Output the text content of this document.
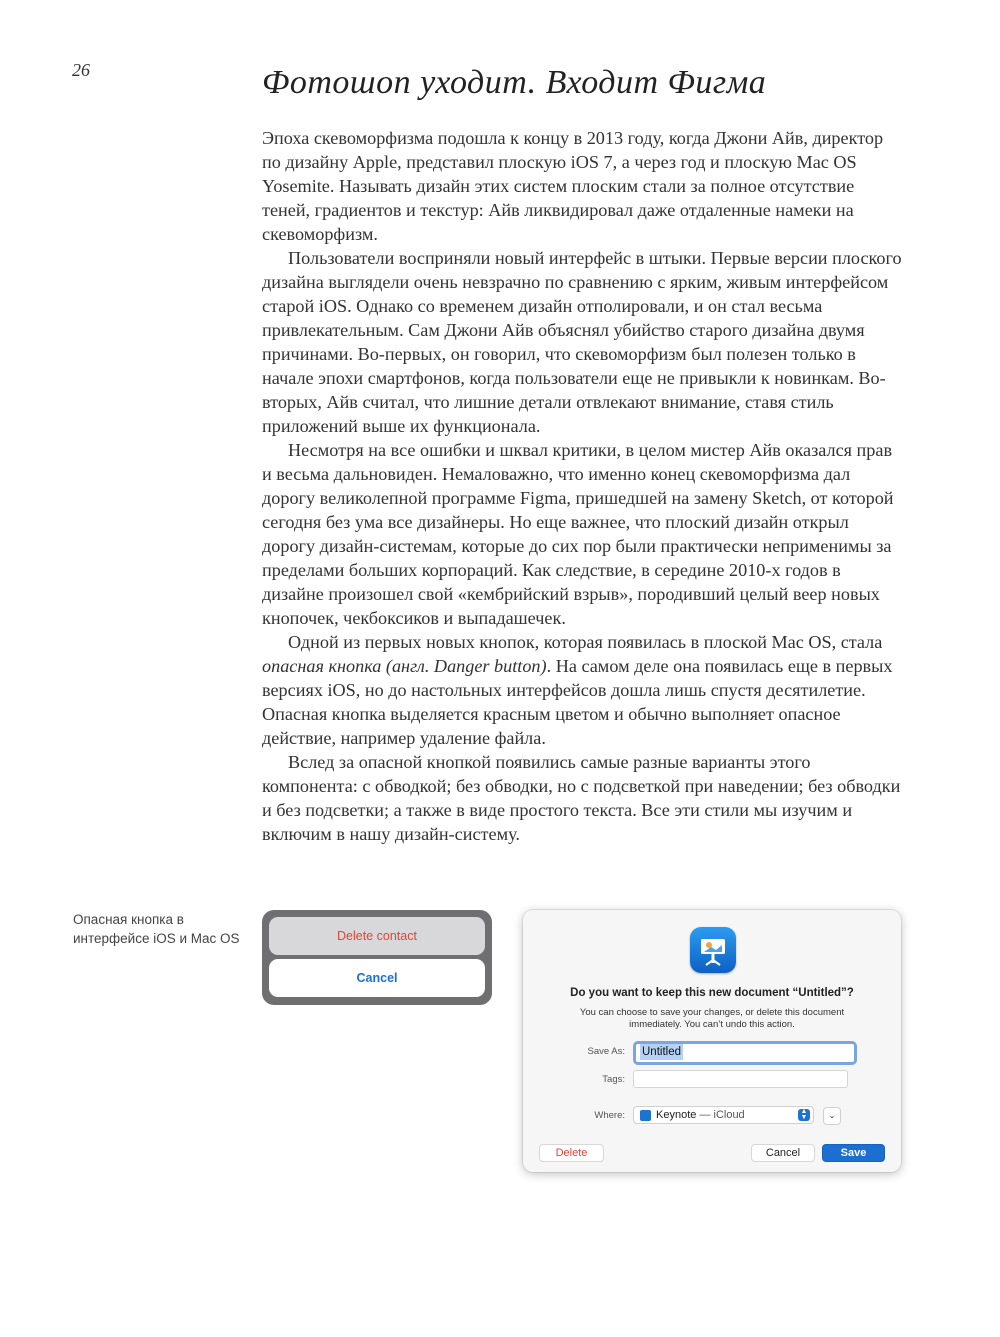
26	Фотошоп уходит. Входит Фигма

Эпоха скевоморфизма подошла к концу в 2013 году, когда Джони Айв, директор по дизайну Apple, представил плоскую iOS 7, а через год и плоскую Mac OS Yosemite. Называть дизайн этих систем плоским стали за полное отсутствие теней, градиентов и текстур: Айв ликвидировал даже отдаленные намеки на скевоморфизм.

Пользователи восприняли новый интерфейс в штыки. Первые версии плоского дизайна выглядели очень невзрачно по сравнению с ярким, живым интерфейсом старой iOS. Однако со временем дизайн отполировали, и он стал весьма привлекательным. Сам Джони Айв объяснял убийство старого дизайна двумя причинами. Во-первых, он говорил, что скевоморфизм был полезен только в начале эпохи смартфонов, когда пользователи еще не привыкли к новинкам. Во-вторых, Айв считал, что лишние детали отвлекают внимание, ставя стиль приложений выше их функционала.

Несмотря на все ошибки и шквал критики, в целом мистер Айв оказался прав и весьма дальновиден. Немаловажно, что именно конец скевоморфизма дал дорогу великолепной программе Figma, пришедшей на замену Sketch, от которой сегодня без ума все дизайнеры. Но еще важнее, что плоский дизайн открыл дорогу дизайн-системам, которые до сих пор были практически неприменимы за пределами больших корпораций. Как следствие, в середине 2010-х годов в дизайне произошел свой «кембрийский взрыв», породивший целый веер новых кнопочек, чекбоксиков и выпадашечек.

Одной из первых новых кнопок, которая появилась в плоской Mac OS, стала опасная кнопка (англ. Danger button). На самом деле она появилась еще в первых версиях iOS, но до настольных интерфейсов дошла лишь спустя десятилетие. Опасная кнопка выделяется красным цветом и обычно выполняет опасное действие, например удаление файла.

Вслед за опасной кнопкой появились самые разные варианты этого компонента: с обводкой; без обводки, но с подсветкой при наведении; без обводки и без подсветки; а также в виде простого текста. Все эти стили мы изучим и включим в нашу дизайн-систему.

Опасная кнопка в интерфейсе iOS и Mac OS	Delete contact
Cancel
Do you want to keep this new document “Untitled”?
You can choose to save your changes, or delete this document immediately. You can’t undo this action.
Save As: Untitled
Tags:
Where:	Keynote — iCloud	▲
▼	⌄
Delete	Cancel	Save
